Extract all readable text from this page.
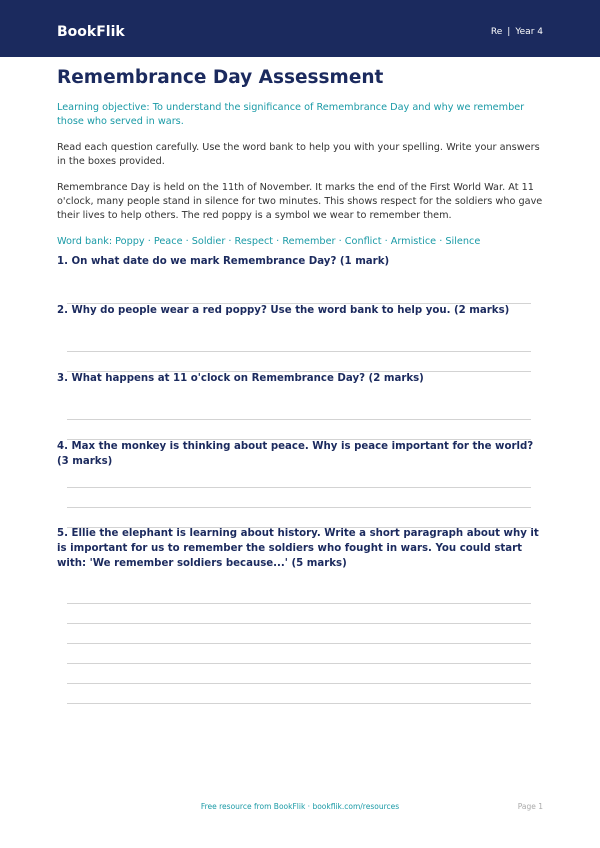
BookFlik	Re | Year 4
Remembrance Day Assessment

Learning objective: To understand the significance of Remembrance Day and why we remember those who served in wars.

Read each question carefully. Use the word bank to help you with your spelling. Write your answers in the boxes provided.

Remembrance Day is held on the 11th of November. It marks the end of the First World War. At 11 o'clock, many people stand in silence for two minutes. This shows respect for the soldiers who gave their lives to help others. The red poppy is a symbol we wear to remember them.

Word bank: Poppy · Peace · Soldier · Respect · Remember · Conflict · Armistice · Silence

1. On what date do we mark Remembrance Day? (1 mark)
2. Why do people wear a red poppy? Use the word bank to help you. (2 marks)
3. What happens at 11 o'clock on Remembrance Day? (2 marks)
4. Max the monkey is thinking about peace. Why is peace important for the world? (3 marks)
5. Ellie the elephant is learning about history. Write a short paragraph about why it is important for us to remember the soldiers who fought in wars. You could start with: 'We remember soldiers because...' (5 marks)
Free resource from BookFlik · bookflik.com/resources	Page 1
